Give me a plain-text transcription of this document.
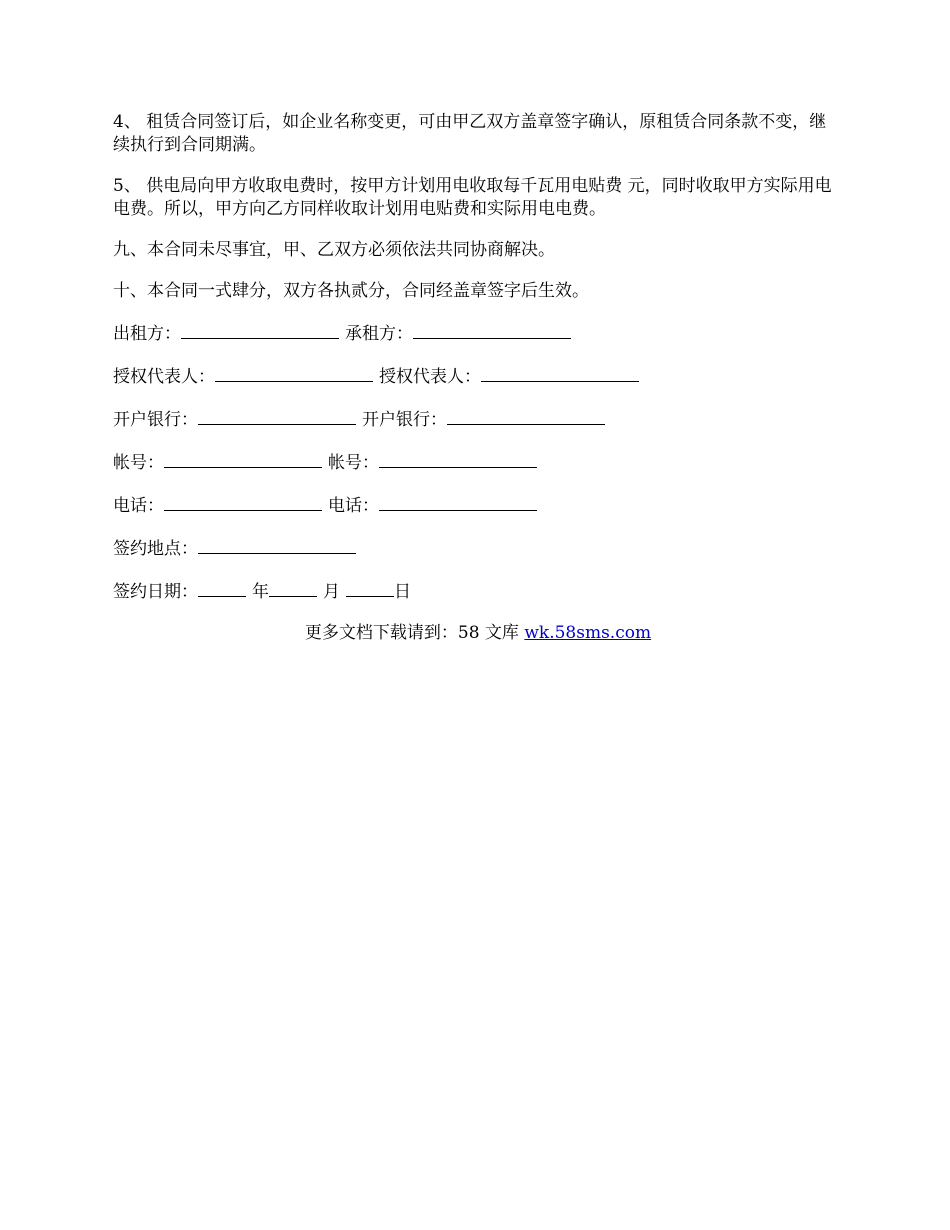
4、 租赁合同签订后，如企业名称变更，可由甲乙双方盖章签字确认，原租赁合同条款不变，继续执行到合同期满。

5、 供电局向甲方收取电费时，按甲方计划用电收取每千瓦用电贴费 元，同时收取甲方实际用电电费。所以，甲方向乙方同样收取计划用电贴费和实际用电电费。

九、本合同未尽事宜，甲、乙双方必须依法共同协商解决。

十、本合同一式肆分，双方各执贰分，合同经盖章签字后生效。

出租方：	承租方：
授权代表人：	授权代表人：
开户银行：	开户银行：
帐号：	帐号：
电话：	电话：
签约地点：
签约日期：	年	月	日
更多文档下载请到：58 文库 wk.58sms.com
